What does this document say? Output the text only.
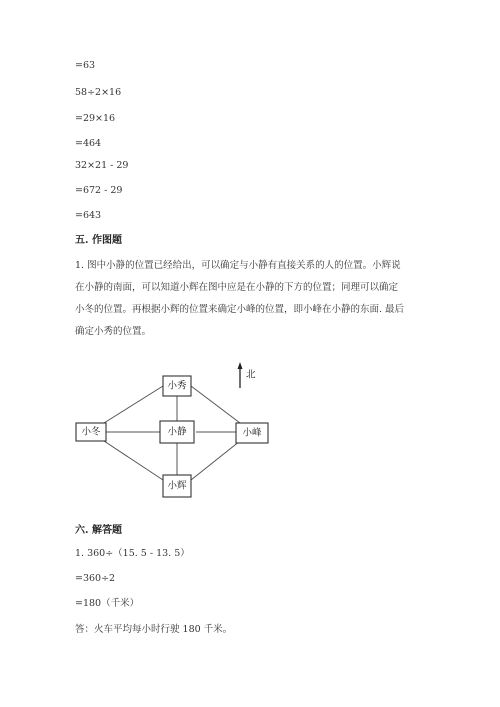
=63
58÷2×16
=29×16
=464
32×21 - 29
=672 - 29
=643
五. 作图题
1. 图中小静的位置已经给出，可以确定与小静有直接关系的人的位置。小辉说
在小静的南面，可以知道小辉在图中应是在小静的下方的位置；同理可以确定
小冬的位置。再根据小辉的位置来确定小峰的位置，即小峰在小静的东面. 最后
确定小秀的位置。
北
小秀
小冬	小静	小峰
小辉
六. 解答题
1. 360÷（15. 5 - 13. 5）
=360÷2
=180（千米）
答：火车平均每小时行驶 180 千米。
